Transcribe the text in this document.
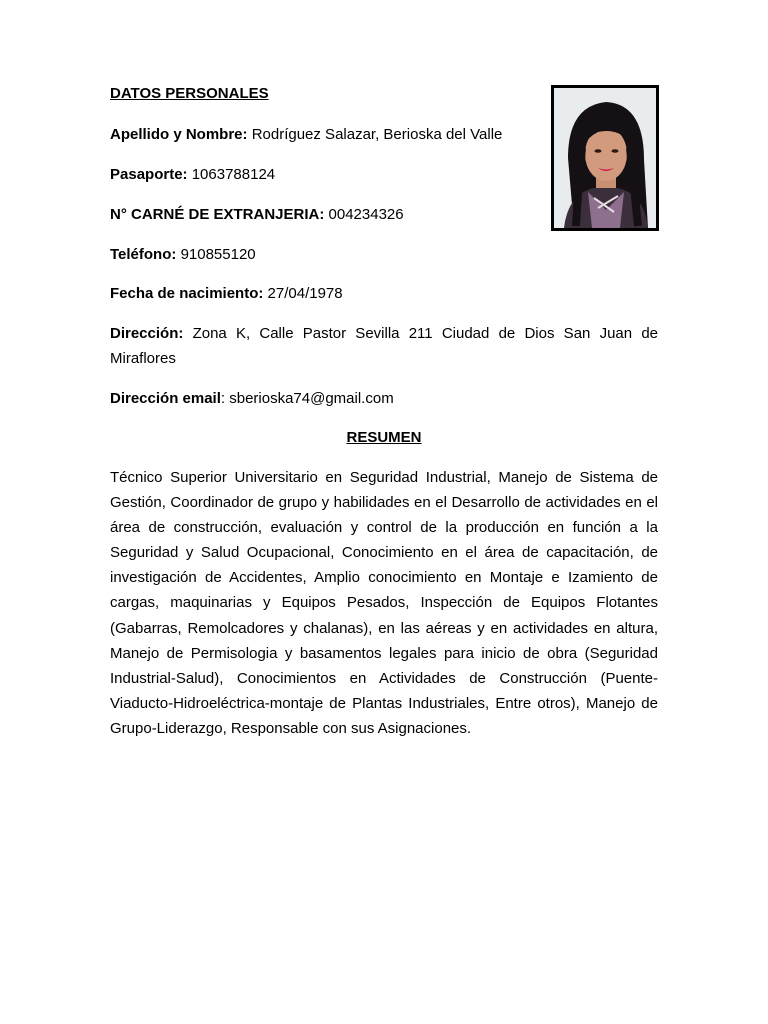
DATOS PERSONALES

Apellido y Nombre: Rodríguez Salazar, Berioska del Valle

Pasaporte: 1063788124

N° CARNÉ DE EXTRANJERIA: 004234326

Teléfono: 910855120

Fecha de nacimiento: 27/04/1978

Dirección: Zona K, Calle Pastor Sevilla 211 Ciudad de Dios San Juan de Miraflores

Dirección email: sberioska74@gmail.com

RESUMEN

Técnico Superior Universitario en Seguridad Industrial, Manejo de Sistema de Gestión, Coordinador de grupo y habilidades en el Desarrollo de actividades en el área de construcción, evaluación y control de la producción en función a la Seguridad y Salud Ocupacional, Conocimiento en el área de capacitación, de investigación de Accidentes, Amplio conocimiento en Montaje e Izamiento de cargas, maquinarias y Equipos Pesados, Inspección de Equipos Flotantes (Gabarras, Remolcadores y chalanas), en las aéreas y en actividades en altura, Manejo de Permisologia y basamentos legales para inicio de obra (Seguridad Industrial-Salud), Conocimientos en Actividades de Construcción (Puente-Viaducto-Hidroeléctrica-montaje de Plantas Industriales, Entre otros), Manejo de Grupo-Liderazgo, Responsable con sus Asignaciones.
